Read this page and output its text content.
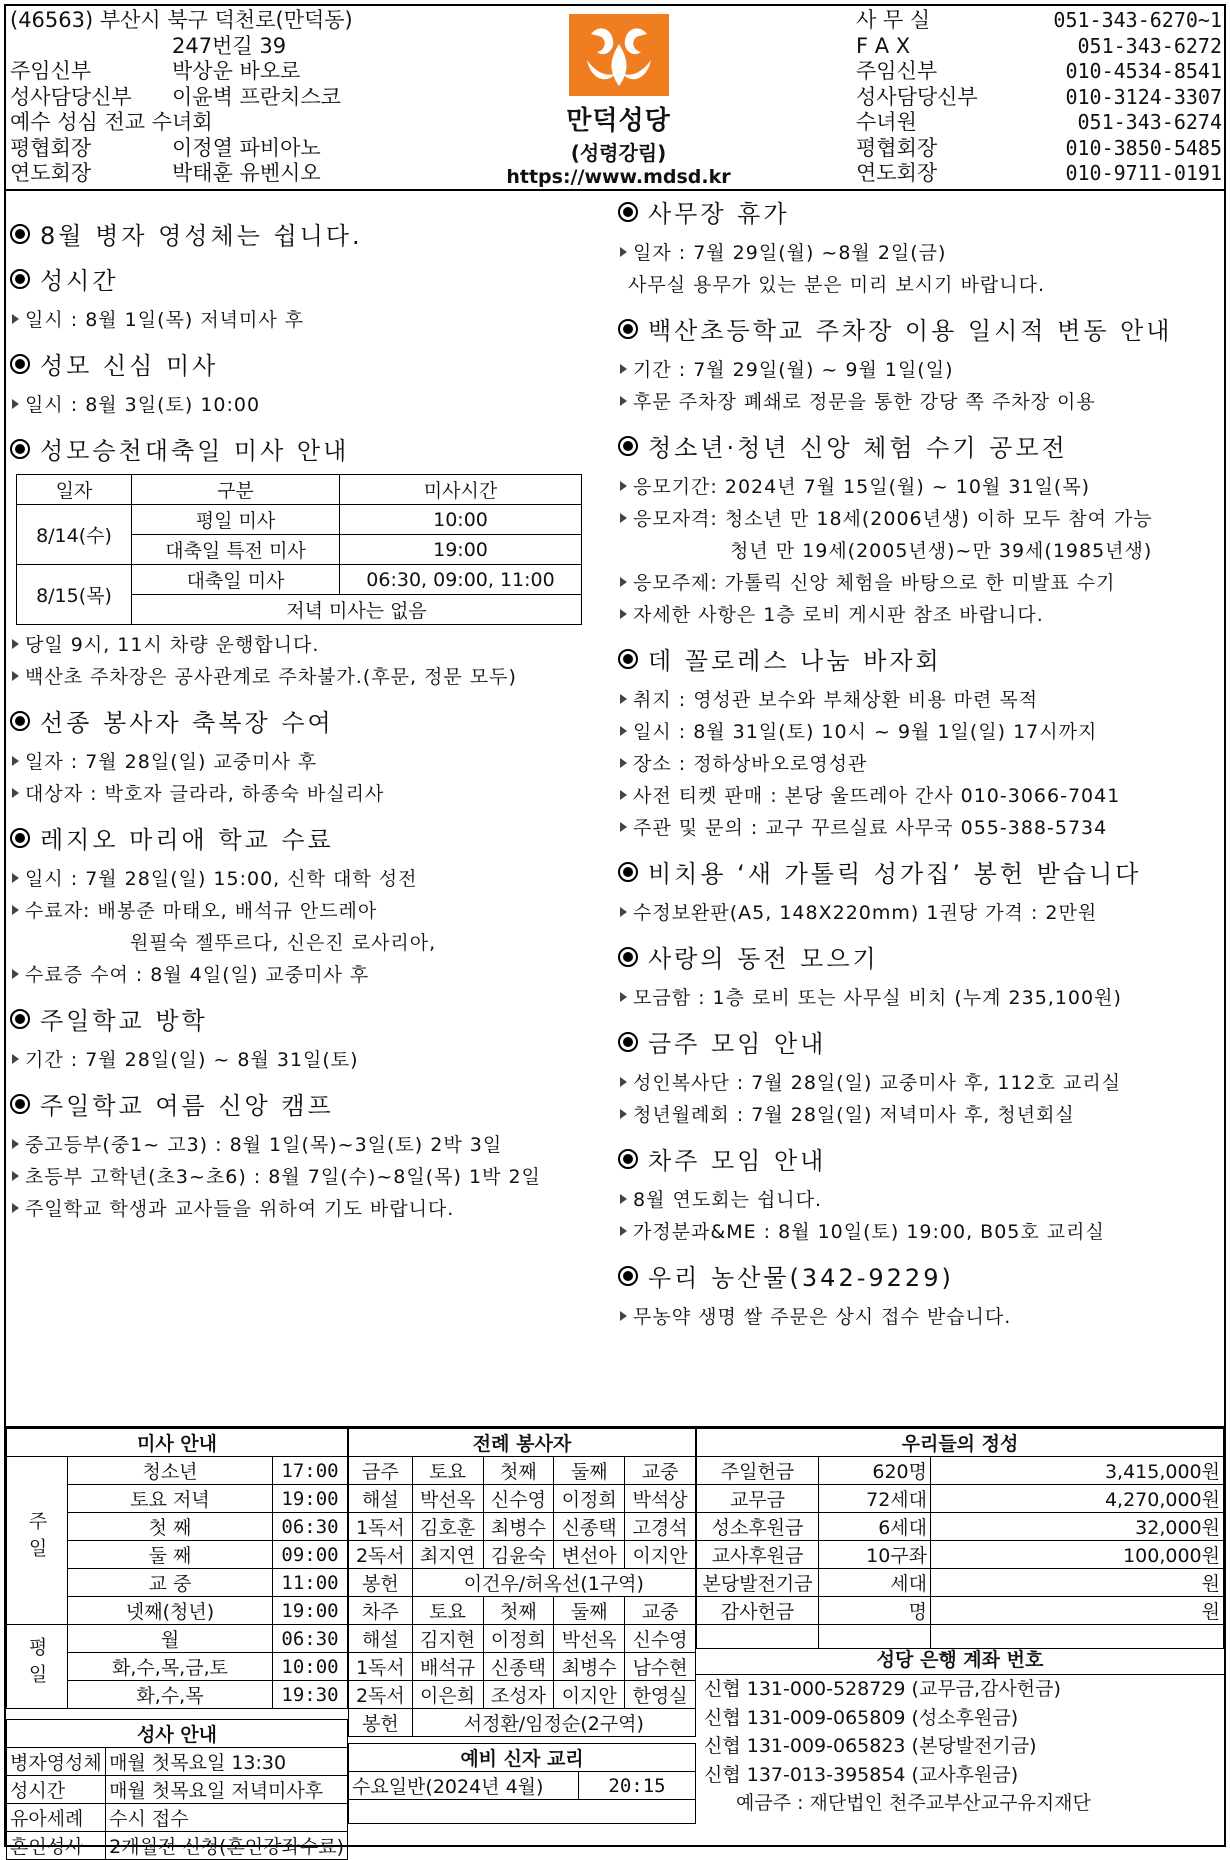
(46563) 부산시 북구 덕천로(만덕동)
247번길 39
주임신부	박상운 바오로
성사담당신부	이윤벽 프란치스코
예수 성심 전교 수녀회
평협회장	이정열 파비아노
연도회장	박태훈 유벤시오
만덕성당
(성령강림)
https://www.mdsd.kr
사 무 실	051-343-6270~1
F A X	051-343-6272
주임신부	010-4534-8541
성사담당신부	010-3124-3307
수녀원	051-343-6274
평협회장	010-3850-5485
연도회장	010-9711-0191
8월 병자 영성체는 쉽니다.
성시간
일시 : 8월 1일(목) 저녁미사 후
성모 신심 미사
일시 : 8월 3일(토) 10:00
성모승천대축일 미사 안내
일자	구분	미사시간
8/14(수)	평일 미사	10:00
	대축일 특전 미사	19:00
8/15(목)	대축일 미사	06:30, 09:00, 11:00
	저녁 미사는 없음	
당일 9시, 11시 차량 운행합니다.
백산초 주차장은 공사관계로 주차불가.(후문, 정문 모두)
선종 봉사자 축복장 수여
일자 : 7월 28일(일) 교중미사 후
대상자 : 박호자 글라라, 하종숙 바실리사
레지오 마리애 학교 수료
일시 : 7월 28일(일) 15:00, 신학 대학 성전
수료자: 배봉준 마태오, 배석규 안드레아
원필숙 젤뚜르다, 신은진 로사리아,
수료증 수여 : 8월 4일(일) 교중미사 후
주일학교 방학
기간 : 7월 28일(일) ~ 8월 31일(토)
주일학교 여름 신앙 캠프
중고등부(중1~ 고3) : 8월 1일(목)~3일(토) 2박 3일
초등부 고학년(초3~초6) : 8월 7일(수)~8일(목) 1박 2일
주일학교 학생과 교사들을 위하여 기도 바랍니다.
사무장 휴가
일자 : 7월 29일(월) ~8월 2일(금)
사무실 용무가 있는 분은 미리 보시기 바랍니다.
백산초등학교 주차장 이용 일시적 변동 안내
기간 : 7월 29일(월) ~ 9월 1일(일)
후문 주차장 폐쇄로 정문을 통한 강당 쪽 주차장 이용
청소년·청년 신앙 체험 수기 공모전
응모기간: 2024년 7월 15일(월) ~ 10월 31일(목)
응모자격: 청소년 만 18세(2006년생) 이하 모두 참여 가능
청년 만 19세(2005년생)~만 39세(1985년생)
응모주제: 가톨릭 신앙 체험을 바탕으로 한 미발표 수기
자세한 사항은 1층 로비 게시판 참조 바랍니다.
데 꼴로레스 나눔 바자회
취지 : 영성관 보수와 부채상환 비용 마련 목적
일시 : 8월 31일(토) 10시 ~ 9월 1일(일) 17시까지
장소 : 정하상바오로영성관
사전 티켓 판매 : 본당 울뜨레아 간사 010-3066-7041
주관 및 문의 : 교구 꾸르실료 사무국 055-388-5734
비치용 ‘새 가톨릭 성가집’ 봉헌 받습니다
수정보완판(A5, 148X220mm) 1권당 가격 : 2만원
사랑의 동전 모으기
모금함 : 1층 로비 또는 사무실 비치 (누계 235,100원)
금주 모임 안내
성인복사단 : 7월 28일(일) 교중미사 후, 112호 교리실
청년월례회 : 7월 28일(일) 저녁미사 후, 청년회실
차주 모임 안내
8월 연도회는 쉽니다.
가정분과&ME : 8월 10일(토) 19:00, B05호 교리실
우리 농산물(342-9229)
무농약 생명 쌀 주문은 상시 접수 받습니다.
미사 안내		
주일	청소년	17:00
	토요 저녁	19:00
	첫 째	06:30
	둘 째	09:00
	교 중	11:00
	넷째(청년)	19:00
평일	월	06:30
	화,수,목,금,토	10:00
	화,수,목	19:30
성사 안내	
병자영성체	매월 첫목요일 13:30
성시간	매월 첫목요일 저녁미사후
유아세례	수시 접수
혼인성사	2개월전 신청(혼인강좌수료)
전례 봉사자				
금주	토요	첫째	둘째	교중
해설	박선옥	신수영	이정희	박석상
1독서	김호훈	최병수	신종택	고경석
2독서	최지연	김윤숙	변선아	이지안
봉헌	이건우/허옥선(1구역)			
차주	토요	첫째	둘째	교중
해설	김지현	이정희	박선옥	신수영
1독서	배석규	신종택	최병수	남수현
2독서	이은희	조성자	이지안	한영실
봉헌	서정환/임정순(2구역)			
예비 신자 교리
수요일반(2024년 4월)	20:15

우리들의 정성		
주일헌금	620명	3,415,000원
교무금	72세대	4,270,000원
성소후원금	6세대	32,000원
교사후원금	10구좌	100,000원
본당발전기금	세대	원
감사헌금	명	원

성당 은행 계좌 번호
신협 131-000-528729 (교무금,감사헌금)
신협 131-009-065809 (성소후원금)
신협 131-009-065823 (본당발전기금)
신협 137-013-395854 (교사후원금)
예금주 : 재단법인 천주교부산교구유지재단
